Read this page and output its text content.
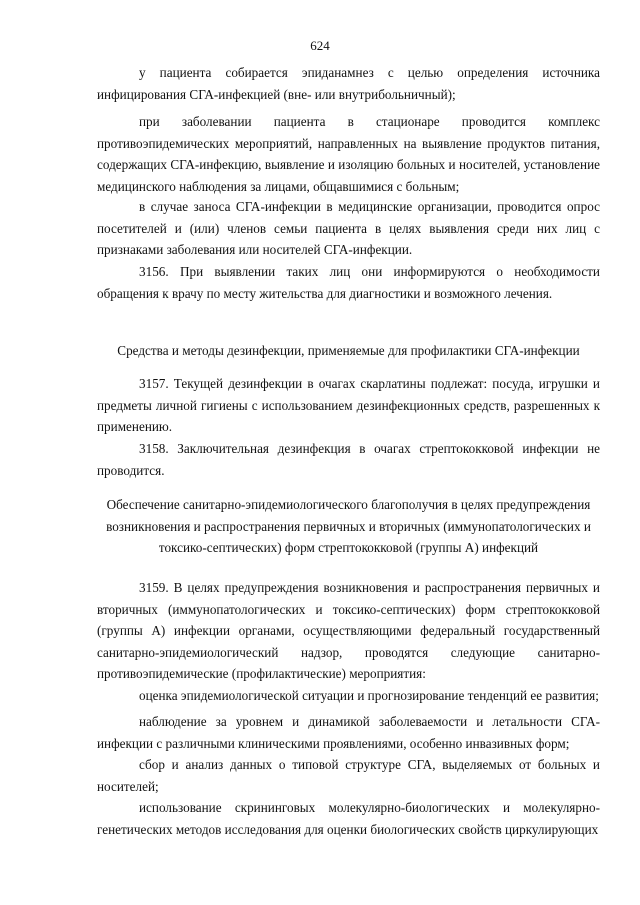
624

у пациента собирается эпиданамнез с целью определения источника инфицирования СГА-инфекцией (вне- или внутрибольничный);

при заболевании пациента в стационаре проводится комплекс противоэпидемических мероприятий, направленных на выявление продуктов питания, содержащих СГА-инфекцию, выявление и изоляцию больных и носителей, установление медицинского наблюдения за лицами, общавшимися с больным;

в случае заноса СГА-инфекции в медицинские организации, проводится опрос посетителей и (или) членов семьи пациента в целях выявления среди них лиц с признаками заболевания или носителей СГА-инфекции.

3156. При выявлении таких лиц они информируются о необходимости обращения к врачу по месту жительства для диагностики и возможного лечения.

Средства и методы дезинфекции, применяемые для профилактики СГА-инфекции

3157. Текущей дезинфекции в очагах скарлатины подлежат: посуда, игрушки и предметы личной гигиены с использованием дезинфекционных средств, разрешенных к применению.

3158. Заключительная дезинфекция в очагах стрептококковой инфекции не проводится.

Обеспечение санитарно-эпидемиологического благополучия в целях предупреждения возникновения и распространения первичных и вторичных (иммунопатологических и токсико-септических) форм стрептококковой (группы А) инфекций

3159. В целях предупреждения возникновения и распространения первичных и вторичных (иммунопатологических и токсико-септических) форм стрептококковой (группы А) инфекции органами, осуществляющими федеральный государственный санитарно-эпидемиологический надзор, проводятся следующие санитарно-противоэпидемические (профилактические) мероприятия:

оценка эпидемиологической ситуации и прогнозирование тенденций ее развития;

наблюдение за уровнем и динамикой заболеваемости и летальности СГА-инфекции с различными клиническими проявлениями, особенно инвазивных форм;

сбор и анализ данных о типовой структуре СГА, выделяемых от больных и носителей;

использование скрининговых молекулярно-биологических и молекулярно-генетических методов исследования для оценки биологических свойств циркулирующих
